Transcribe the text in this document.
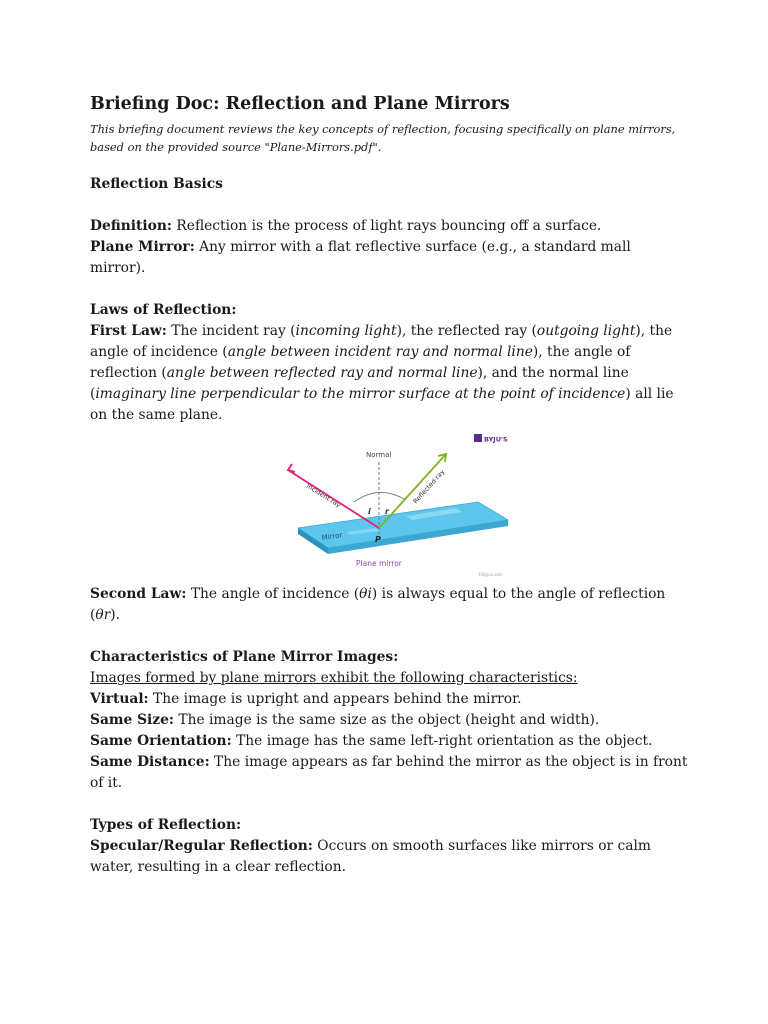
Briefing Doc: Reflection and Plane Mirrors

This briefing document reviews the key concepts of reflection, focusing specifically on plane mirrors, based on the provided source "Plane-Mirrors.pdf".

Reflection Basics

Definition: Reflection is the process of light rays bouncing off a surface.

Plane Mirror: Any mirror with a flat reflective surface (e.g., a standard mall mirror).

Laws of Reflection:

First Law: The incident ray (incoming light), the reflected ray (outgoing light), the angle of incidence (angle between incident ray and normal line), the angle of reflection (angle between reflected ray and normal line), and the normal line (imaginary line perpendicular to the mirror surface at the point of incidence) all lie on the same plane.

BYJU'S
Normal
Incident ray	Reflected ray
i r
P
Mirror
Plane mirror
©Byjus.com

Second Law: The angle of incidence (θi) is always equal to the angle of reflection (θr).

Characteristics of Plane Mirror Images:

Images formed by plane mirrors exhibit the following characteristics:

Virtual: The image is upright and appears behind the mirror.

Same Size: The image is the same size as the object (height and width).

Same Orientation: The image has the same left-right orientation as the object.

Same Distance: The image appears as far behind the mirror as the object is in front of it.

Types of Reflection:

Specular/Regular Reflection: Occurs on smooth surfaces like mirrors or calm water, resulting in a clear reflection.
